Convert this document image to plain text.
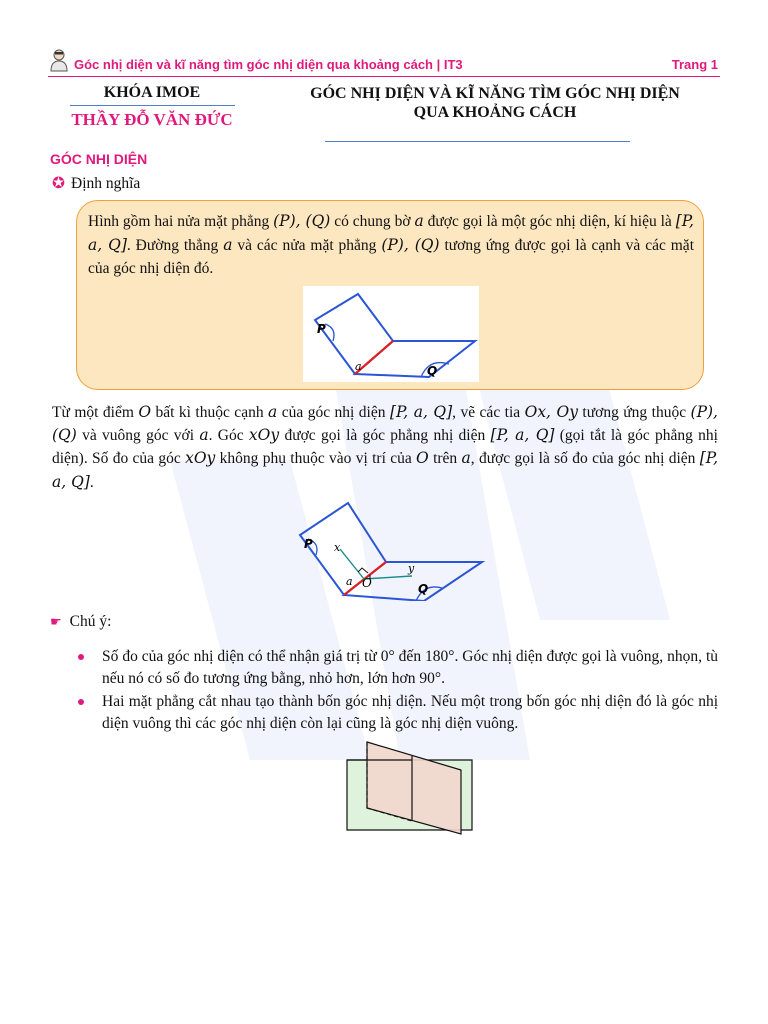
Góc nhị diện và kĩ năng tìm góc nhị diện qua khoảng cách | IT3	Trang 1
KHÓA IMOE
THẦY ĐỖ VĂN ĐỨC
GÓC NHỊ DIỆN VÀ KĨ NĂNG TÌM GÓC NHỊ DIỆN
QUA KHOẢNG CÁCH
GÓC NHỊ DIỆN
✪ Định nghĩa
Hình gồm hai nửa mặt phẳng (P), (Q) có chung bờ a được gọi là một góc nhị diện, kí hiệu là [P, a, Q]. Đường thẳng a và các nửa mặt phẳng (P), (Q) tương ứng được gọi là cạnh và các mặt của góc nhị diện đó.
P
Q
a
Từ một điểm O bất kì thuộc cạnh a của góc nhị diện [P, a, Q], vẽ các tia Ox, Oy tương ứng thuộc (P), (Q) và vuông góc với a. Góc xOy được gọi là góc phẳng nhị diện [P, a, Q] (gọi tắt là góc phẳng nhị diện). Số đo của góc xOy không phụ thuộc vào vị trí của O trên a, được gọi là số đo của góc nhị diện [P, a, Q].
P
Q
x
y
a O
☛ Chú ý:
Số đo của góc nhị diện có thể nhận giá trị từ 0° đến 180°. Góc nhị diện được gọi là vuông, nhọn, tù nếu nó có số đo tương ứng bằng, nhỏ hơn, lớn hơn 90°.
Hai mặt phẳng cắt nhau tạo thành bốn góc nhị diện. Nếu một trong bốn góc nhị diện đó là góc nhị diện vuông thì các góc nhị diện còn lại cũng là góc nhị diện vuông.
